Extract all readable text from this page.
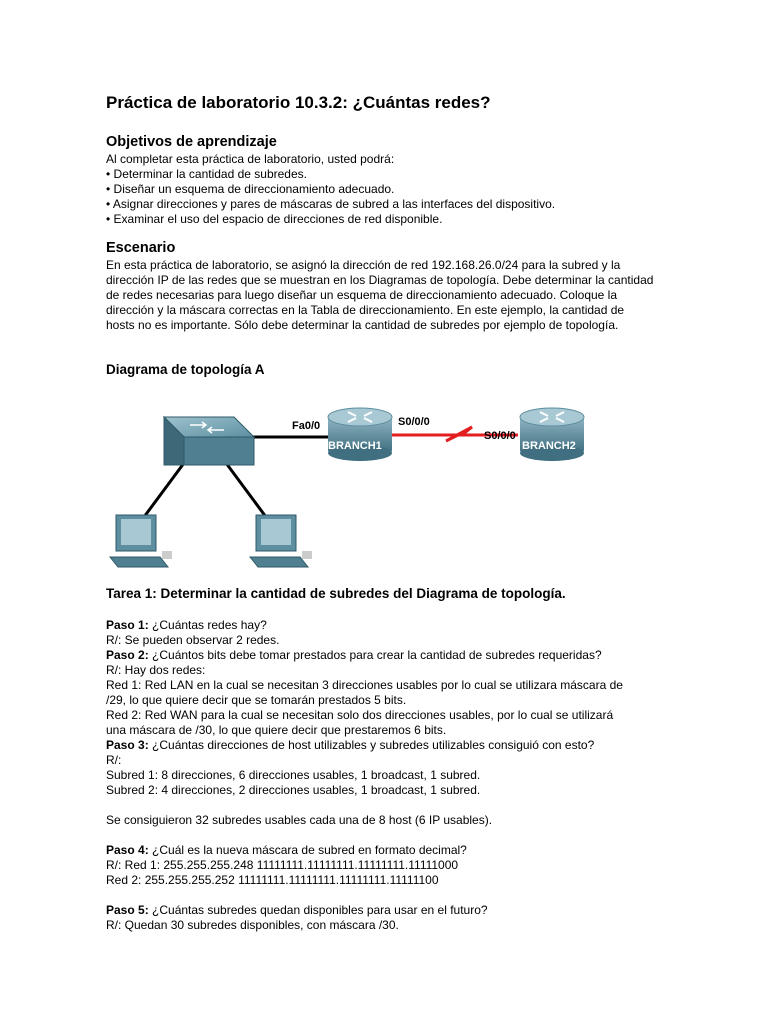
Práctica de laboratorio 10.3.2: ¿Cuántas redes?
Objetivos de aprendizaje
Al completar esta práctica de laboratorio, usted podrá:
• Determinar la cantidad de subredes.
• Diseñar un esquema de direccionamiento adecuado.
• Asignar direcciones y pares de máscaras de subred a las interfaces del dispositivo.
• Examinar el uso del espacio de direcciones de red disponible.
Escenario
En esta práctica de laboratorio, se asignó la dirección de red 192.168.26.0/24 para la subred y la dirección IP de las redes que se muestran en los Diagramas de topología. Debe determinar la cantidad de redes necesarias para luego diseñar un esquema de direccionamiento adecuado. Coloque la dirección y la máscara correctas en la Tabla de direccionamiento. En este ejemplo, la cantidad de hosts no es importante. Sólo debe determinar la cantidad de subredes por ejemplo de topología.
Diagrama de topología A
Tarea 1: Determinar la cantidad de subredes del Diagrama de topología.
Paso 1: ¿Cuántas redes hay?
R/: Se pueden observar 2 redes.
Paso 2: ¿Cuántos bits debe tomar prestados para crear la cantidad de subredes requeridas?
R/: Hay dos redes:
Red 1: Red LAN en la cual se necesitan 3 direcciones usables por lo cual se utilizara máscara de
/29, lo que quiere decir que se tomarán prestados 5 bits.
Red 2: Red WAN para la cual se necesitan solo dos direcciones usables, por lo cual se utilizará
una máscara de /30, lo que quiere decir que prestaremos 6 bits.
Paso 3: ¿Cuántas direcciones de host utilizables y subredes utilizables consiguió con esto?
R/:
Subred 1: 8 direcciones, 6 direcciones usables, 1 broadcast, 1 subred.
Subred 2: 4 direcciones, 2 direcciones usables, 1 broadcast, 1 subred.
Se consiguieron 32 subredes usables cada una de 8 host (6 IP usables).
Paso 4: ¿Cuál es la nueva máscara de subred en formato decimal?
R/: Red 1: 255.255.255.248 11111111.11111111.11111111.11111000
Red 2: 255.255.255.252 11111111.11111111.11111111.11111100
Paso 5: ¿Cuántas subredes quedan disponibles para usar en el futuro?
R/: Quedan 30 subredes disponibles, con máscara /30.
Fa0/0	S0/0/0
S0/0/0
BRANCH1	BRANCH2
